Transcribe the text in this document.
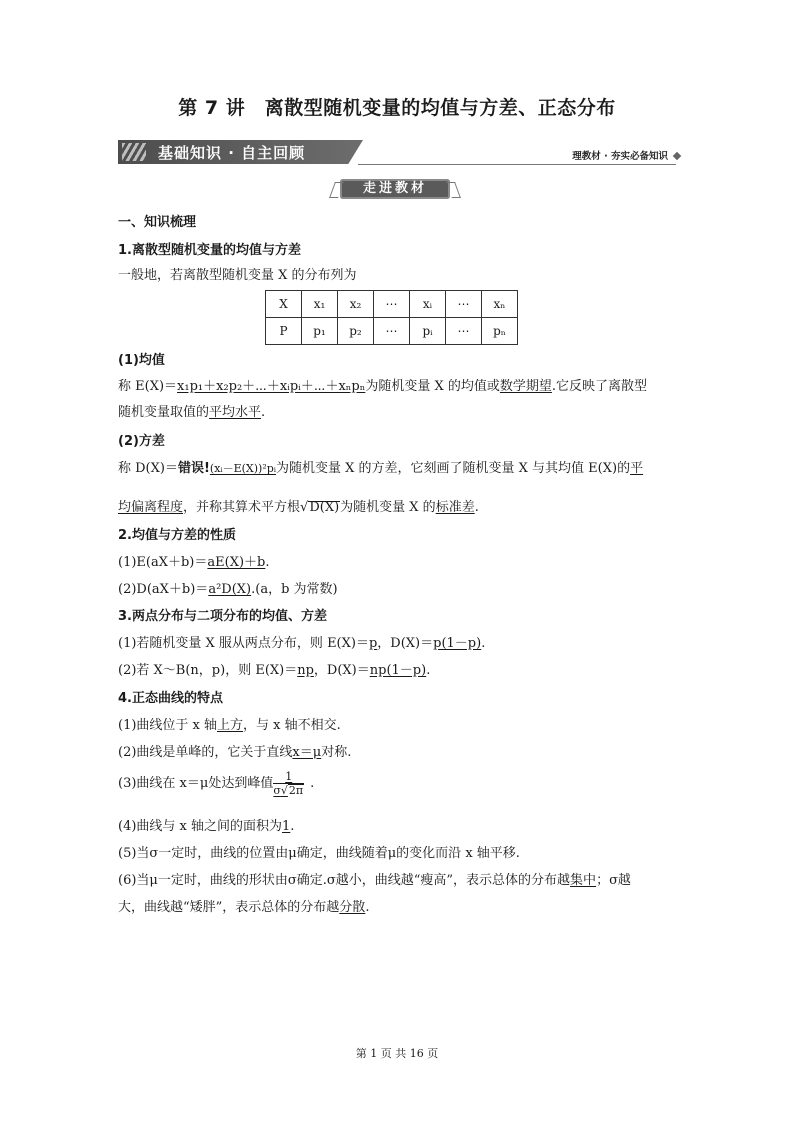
第 7 讲　离散型随机变量的均值与方差、正态分布
基础知识 · 自主回顾	理教材 · 夯实必备知识
走进教材
一、知识梳理
1.离散型随机变量的均值与方差
一般地，若离散型随机变量 X 的分布列为
X	x₁	x₂	⋯	xᵢ	⋯	xₙ
P	p₁	p₂	⋯	pᵢ	⋯	pₙ
(1)均值
称 E(X)＝x₁p₁＋x₂p₂＋⋯＋xᵢpᵢ＋⋯＋xₙpₙ为随机变量 X 的均值或数学期望.它反映了离散型
随机变量取值的平均水平.
(2)方差
称 D(X)＝错误!(xᵢ－E(X))²pᵢ为随机变量 X 的方差，它刻画了随机变量 X 与其均值 E(X)的平
均偏离程度，并称其算术平方根√D(X)为随机变量 X 的标准差.
2.均值与方差的性质
(1)E(aX＋b)＝aE(X)＋b.
(2)D(aX＋b)＝a²D(X).(a，b 为常数)
3.两点分布与二项分布的均值、方差
(1)若随机变量 X 服从两点分布，则 E(X)＝p，D(X)＝p(1－p).
(2)若 X～B(n，p)，则 E(X)＝np，D(X)＝np(1－p).
4.正态曲线的特点
(1)曲线位于 x 轴上方，与 x 轴不相交.
(2)曲线是单峰的，它关于直线x＝μ对称.
(3)曲线在 x＝μ处达到峰值 $\frac{1}{\sigma√2\pi}$ .
(4)曲线与 x 轴之间的面积为1.
(5)当σ一定时，曲线的位置由μ确定，曲线随着μ的变化而沿 x 轴平移.
(6)当μ一定时，曲线的形状由σ确定.σ越小，曲线越“瘦高”，表示总体的分布越集中；σ越
大，曲线越“矮胖”，表示总体的分布越分散.
第 1 页 共 16 页
